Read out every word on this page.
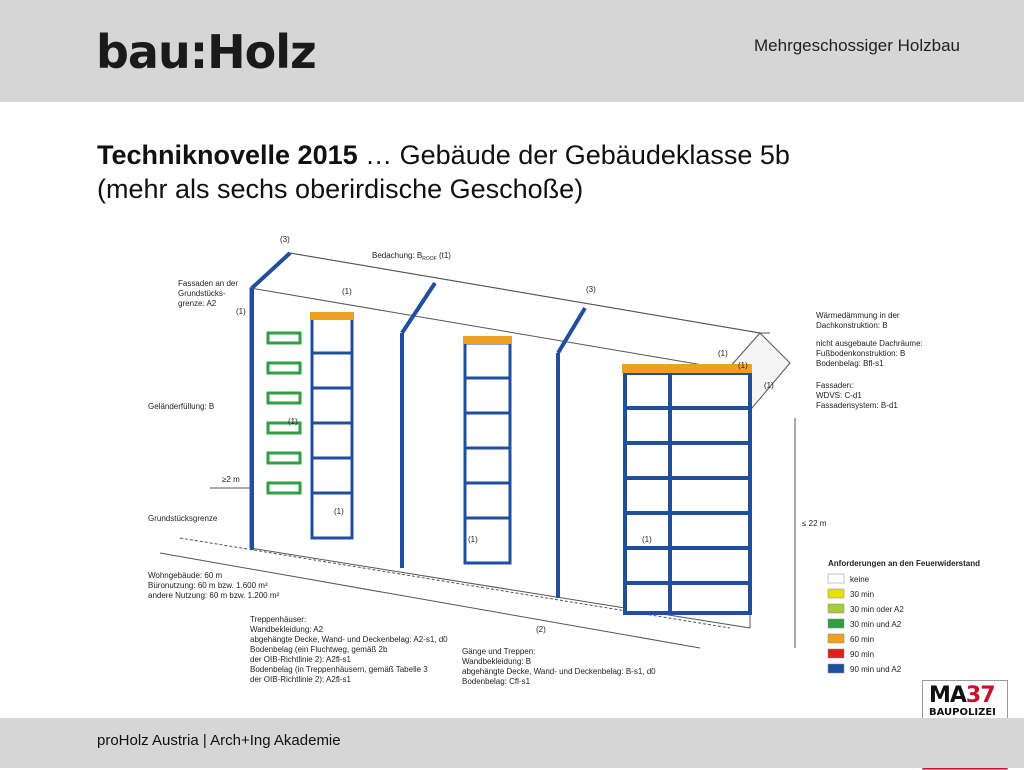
bau:Holz	Mehrgeschossiger Holzbau
Techniknovelle 2015 … Gebäude der Gebäudeklasse 5b
(mehr als sechs oberirdische Geschoße)
(3)
(3)
(1)
(1)
(1)
(1)
(1)	(1)
(1)
(1)
(1)
(2)
Bedachung: $B_{ROOF}$ (t1)
Fassaden an der Grundstücks- grenze: A2
Geländerfüllung: B
≥2 m
Grundstücksgrenze
Wohngebäude: 60 m Büronutzung: 60 m bzw. 1.600 m² andere Nutzung: 60 m bzw. 1.200 m²
Treppenhäuser: Wandbekleidung: A2 abgehängte Decke, Wand- und Deckenbelag: A2-s1, d0 Bodenbelag (ein Fluchtweg, gemäß 2b der OIB-Richtlinie 2): A2fl-s1 Bodenbelag (in Treppenhäusern, gemäß Tabelle 3 der OIB-Richtlinie 2): A2fl-s1
Gänge und Treppen: Wandbekleidung: B abgehängte Decke, Wand- und Deckenbelag: B-s1, d0 Bodenbelag: Cfl-s1
Wärmedämmung in der Dachkonstruktion: B
nicht ausgebaute Dachräume: Fußbodenkonstruktion: B Bodenbelag: Bfl-s1
Fassaden: WDVS: C-d1 Fassadensystem: B-d1
≤ 22 m
Anforderungen an den Feuerwiderstand
keine
30 min
30 min oder A2
30 min und A2
60 min
90 min
90 min und A2
MA37
BAUPOLIZEI
proHolz Austria | Arch+Ing Akademie
